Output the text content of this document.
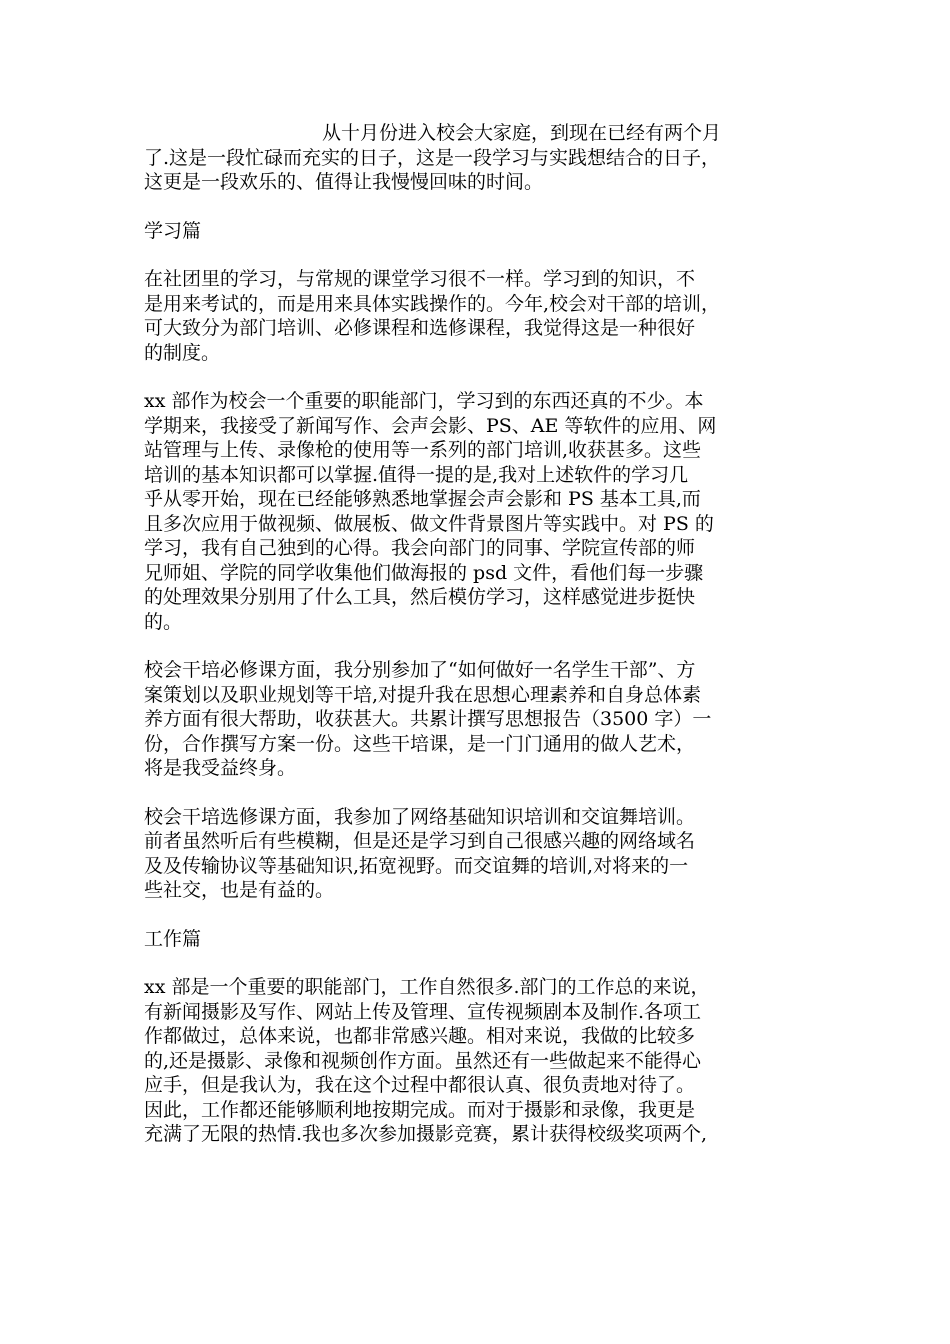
从十月份进入校会大家庭，到现在已经有两个月
了.这是一段忙碌而充实的日子，这是一段学习与实践想结合的日子，
这更是一段欢乐的、值得让我慢慢回味的时间。

学习篇

在社团里的学习，与常规的课堂学习很不一样。学习到的知识，不
是用来考试的，而是用来具体实践操作的。今年,校会对干部的培训，
可大致分为部门培训、必修课程和选修课程，我觉得这是一种很好
的制度。

xx 部作为校会一个重要的职能部门，学习到的东西还真的不少。本
学期来，我接受了新闻写作、会声会影、PS、AE 等软件的应用、网
站管理与上传、录像枪的使用等一系列的部门培训,收获甚多。这些
培训的基本知识都可以掌握.值得一提的是,我对上述软件的学习几
乎从零开始，现在已经能够熟悉地掌握会声会影和 PS 基本工具,而
且多次应用于做视频、做展板、做文件背景图片等实践中。对 PS 的
学习，我有自己独到的心得。我会向部门的同事、学院宣传部的师
兄师姐、学院的同学收集他们做海报的 psd 文件，看他们每一步骤
的处理效果分别用了什么工具，然后模仿学习，这样感觉进步挺快
的。

校会干培必修课方面，我分别参加了“如何做好一名学生干部”、方
案策划以及职业规划等干培,对提升我在思想心理素养和自身总体素
养方面有很大帮助，收获甚大。共累计撰写思想报告（3500 字）一
份，合作撰写方案一份。这些干培课，是一门门通用的做人艺术，
将是我受益终身。

校会干培选修课方面，我参加了网络基础知识培训和交谊舞培训。
前者虽然听后有些模糊，但是还是学习到自己很感兴趣的网络域名
及及传输协议等基础知识,拓宽视野。而交谊舞的培训,对将来的一
些社交，也是有益的。

工作篇

xx 部是一个重要的职能部门，工作自然很多.部门的工作总的来说，
有新闻摄影及写作、网站上传及管理、宣传视频剧本及制作.各项工
作都做过，总体来说，也都非常感兴趣。相对来说，我做的比较多
的,还是摄影、录像和视频创作方面。虽然还有一些做起来不能得心
应手，但是我认为，我在这个过程中都很认真、很负责地对待了。
因此，工作都还能够顺利地按期完成。而对于摄影和录像，我更是
充满了无限的热情.我也多次参加摄影竞赛，累计获得校级奖项两个,
